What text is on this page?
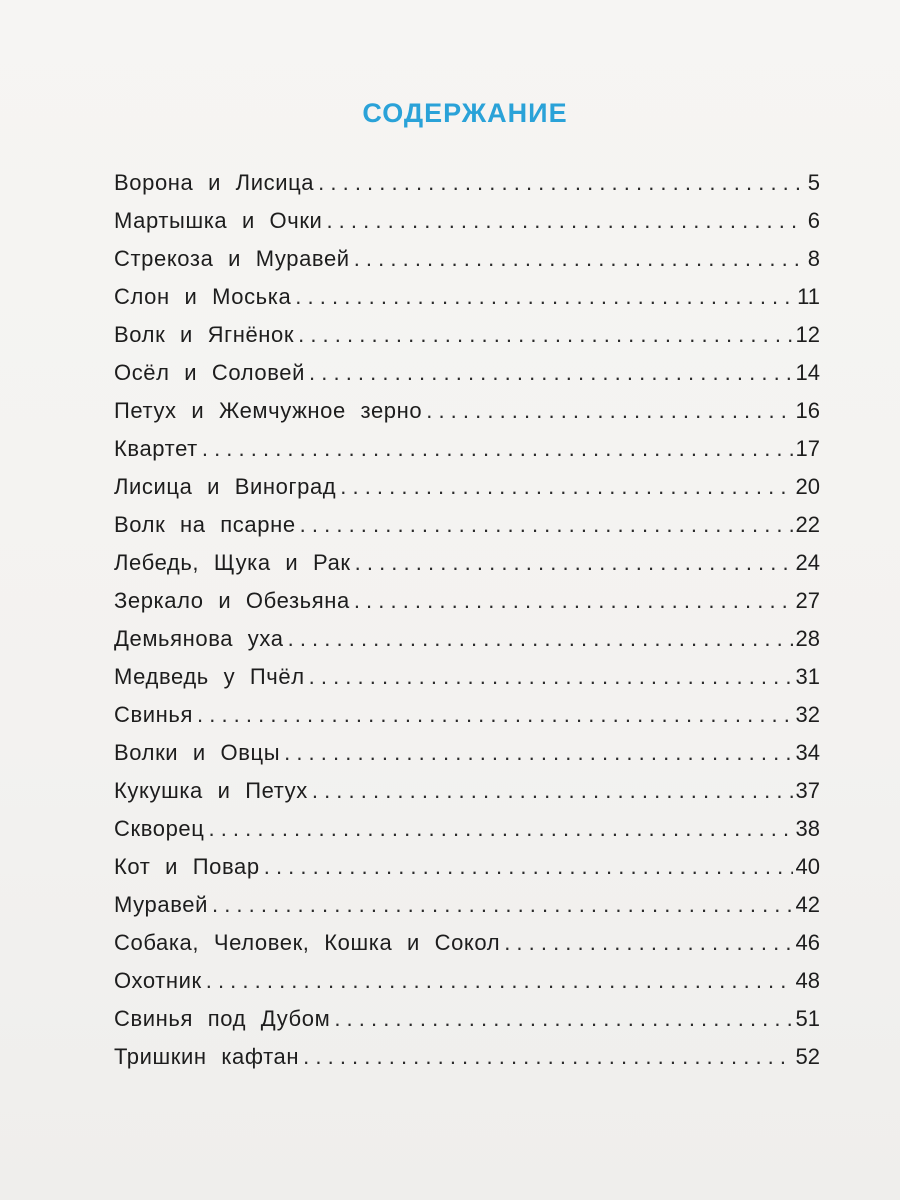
СОДЕРЖАНИЕ
Ворона и Лисица . . .	5
Мартышка и Очки . . .	6
Стрекоза и Муравей . . .	8
Слон и Моська . . .	11
Волк и Ягнёнок . . .	12
Осёл и Соловей . . .	14
Петух и Жемчужное зерно . . .	16
Квартет . . .	17
Лисица и Виноград . . .	20
Волк на псарне . . .	22
Лебедь, Щука и Рак . . .	24
Зеркало и Обезьяна . . .	27
Демьянова уха . . .	28
Медведь у Пчёл . . .	31
Свинья . . .	32
Волки и Овцы . . .	34
Кукушка и Петух . . .	37
Скворец . . .	38
Кот и Повар . . .	40
Муравей . . .	42
Собака, Человек, Кошка и Сокол . . .	46
Охотник . . .	48
Свинья под Дубом . . .	51
Тришкин кафтан . . .	52
